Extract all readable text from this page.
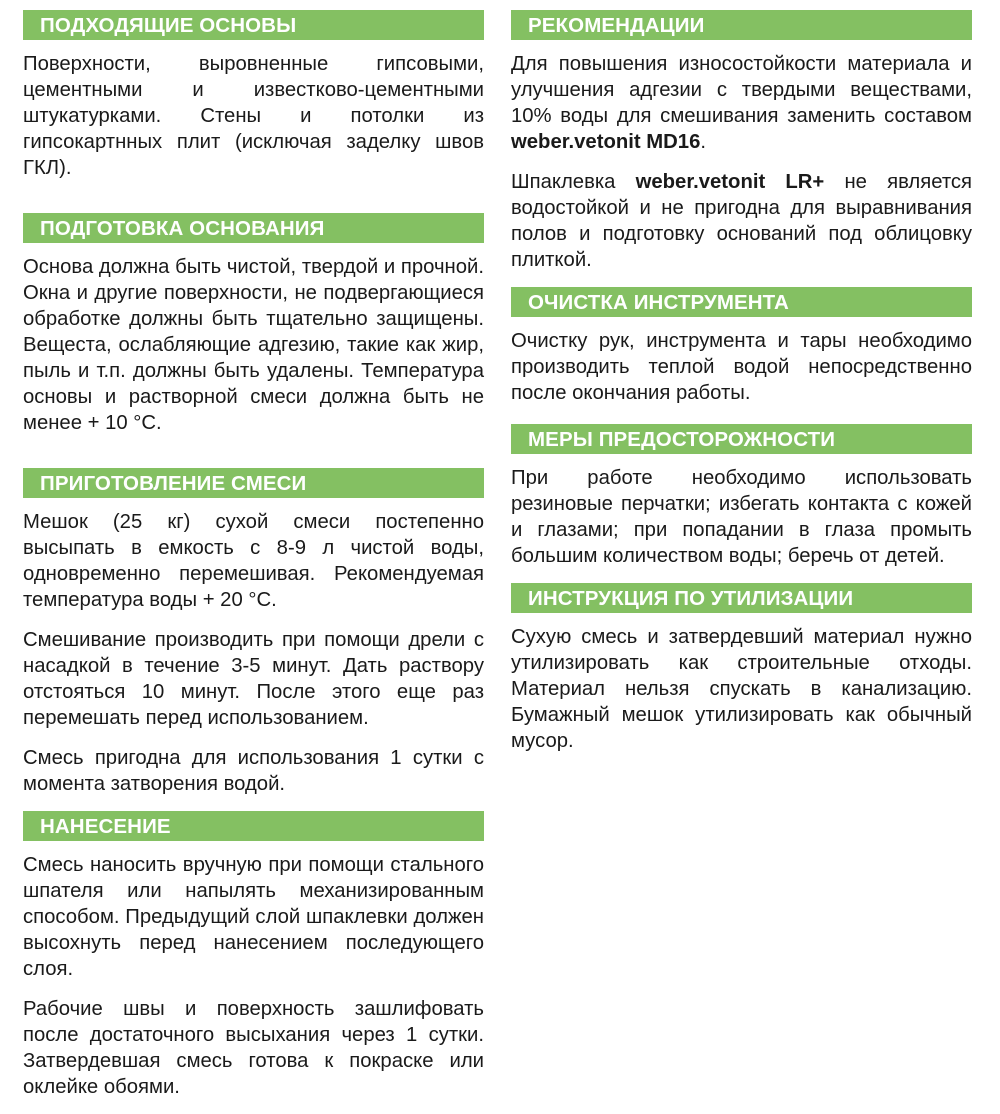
ПОДХОДЯЩИЕ ОСНОВЫ

Поверхности, выровненные гипсовыми, цементными и известково-цементными штукатурками. Стены и потолки из гипсокартнных плит (исключая заделку швов ГКЛ).

ПОДГОТОВКА ОСНОВАНИЯ

Основа должна быть чистой, твердой и прочной. Окна и другие поверхности, не подвергающиеся обработке должны быть тщательно защищены. Вещеста, ослабляющие адгезию, такие как жир, пыль и т.п. должны быть удалены. Температура основы и растворной смеси должна быть не менее + 10 °C.

ПРИГОТОВЛЕНИЕ СМЕСИ

Мешок (25 кг) сухой смеси постепенно высыпать в емкость с 8-9 л чистой воды, одновременно перемешивая. Рекомендуемая температура воды + 20 °C.

Смешивание производить при помощи дрели с насадкой в течение 3-5 минут. Дать раствору отстояться 10 минут. После этого еще раз перемешать перед использованием.

Смесь пригодна для использования 1 сутки с момента затворения водой.

НАНЕСЕНИЕ

Смесь наносить вручную при помощи стального шпателя или напылять механизированным способом. Предыдущий слой шпаклевки должен высохнуть перед нанесением последующего слоя.

Рабочие швы и поверхность зашлифовать после достаточного высыхания через 1 сутки. Затвердевшая смесь готова к покраске или оклейке обоями.

РЕКОМЕНДАЦИИ

Для повышения износостойкости материала и улучшения адгезии с твердыми веществами, 10% воды для смешивания заменить составом weber.vetonit MD16.

Шпаклевка weber.vetonit LR+ не является водостойкой и не пригодна для выравнивания полов и подготовку оснований под облицовку плиткой.

ОЧИСТКА ИНСТРУМЕНТА

Очистку рук, инструмента и тары необходимо производить теплой водой непосредственно после окончания работы.

МЕРЫ ПРЕДОСТОРОЖНОСТИ

При работе необходимо использовать резиновые перчатки; избегать контакта с кожей и глазами; при попадании в глаза промыть большим количеством воды; беречь от детей.

ИНСТРУКЦИЯ ПО УТИЛИЗАЦИИ

Сухую смесь и затвердевший материал нужно утилизировать как строительные отходы. Материал нельзя спускать в канализацию. Бумажный мешок утилизировать как обычный мусор.
